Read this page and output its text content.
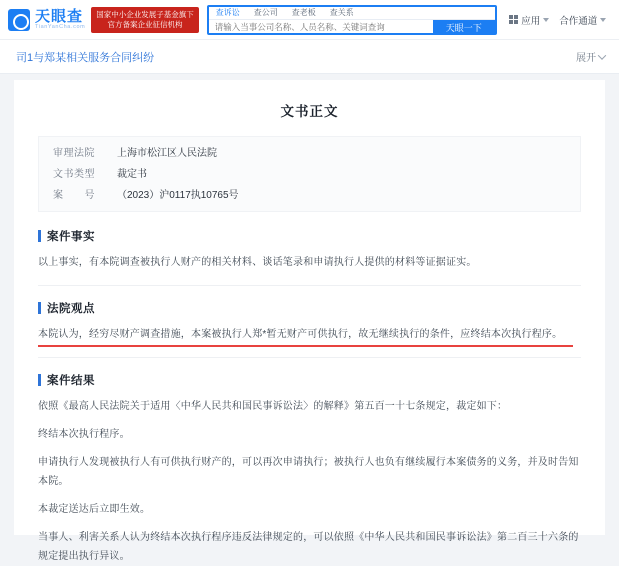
天眼查
TianYanCha.com
国家中小企业发展子基金旗下
官方备案企业征信机构
查诉讼	查公司	查老板	查关系
请输入当事公司名称、人员名称、关键词查询
天眼一下
应用 合作通道
司1与郑某相关服务合同纠纷	展开
文书正文
审理法院	上海市松江区人民法院
文书类型	裁定书
案　　号	（2023）沪0117执10765号
案件事实

以上事实，有本院调查被执行人财产的相关材料、谈话笔录和申请执行人提供的材料等证据证实。

法院观点

本院认为，经穷尽财产调查措施，本案被执行人郑*暂无财产可供执行，故无继续执行的条件，应终结本次执行程序。

案件结果

依照《最高人民法院关于适用〈中华人民共和国民事诉讼法〉的解释》第五百一十七条规定，裁定如下：

终结本次执行程序。

申请执行人发现被执行人有可供执行财产的，可以再次申请执行；被执行人也负有继续履行本案债务的义务，并及时告知本院。

本裁定送达后立即生效。

当事人、利害关系人认为终结本次执行程序违反法律规定的，可以依照《中华人民共和国民事诉讼法》第二百三十六条的规定提出执行异议。
